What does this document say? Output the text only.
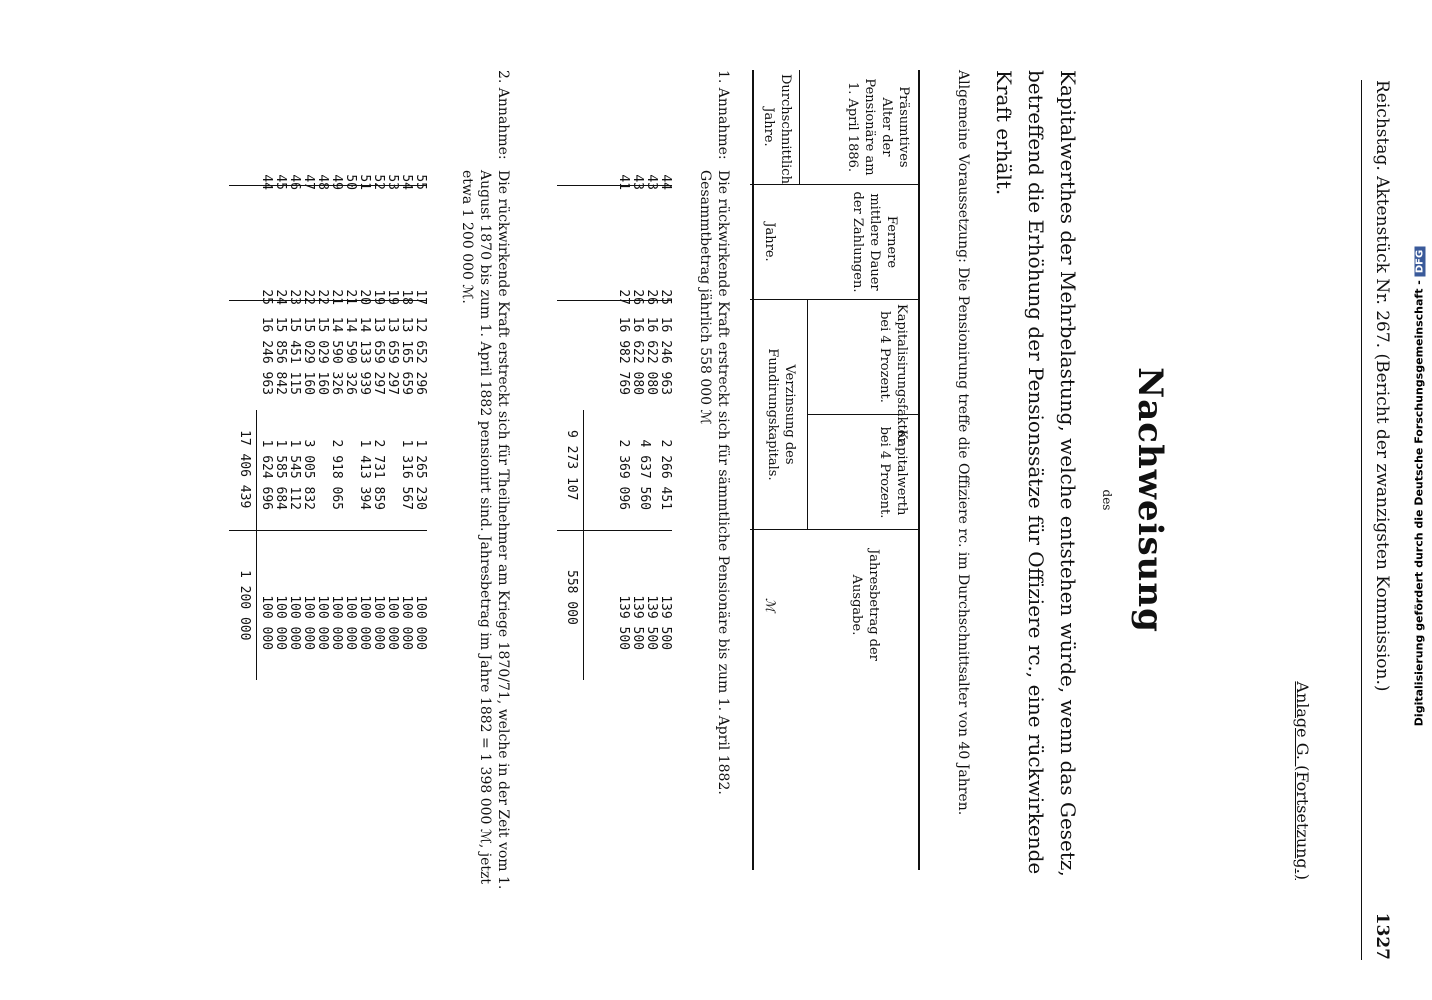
Reichstag. Aktenstück Nr. 267. (Bericht der zwanzigsten Kommission.)
1327
Anlage G. (Fortsetzung.)
Nachweisung
des
Kapitalwerthes der Mehrbelastung, welche entstehen würde, wenn das Gesetz, betreffend die Erhöhung der Pensionssätze für Offiziere rc., eine rückwirkende Kraft erhält.
Allgemeine Voraussetzung: Die Pensionirung treffe die Offiziere rc. im Durchschnittsalter von 40 Jahren.
Präsumtives Alter der Pensionäre am 1. April 1886.
Durchschnittlich Jahre.
Fernere mittlere Dauer der Zahlungen.
Jahre.
Kapitalisirungsfaktor bei 4 Prozent.
Kapitalwerth bei 4 Prozent.
Verzinsung des Fundirungskapitals.
Jahresbetrag der Ausgabe.
ℳ
1. Annahme:
Die rückwirkende Kraft erstreckt sich für sämmtliche Pensionäre bis zum 1. April 1882. Gesammtbetrag jährlich 558 000 ℳ
44
43
43
41
25
26
26
27
16 246 963
16 622 080
16 622 080
16 982 769
2 266 451
4 637 560
2 369 096
9 273 107
139 500
139 500
139 500
139 500
558 000
2. Annahme:
Die rückwirkende Kraft erstreckt sich für Theilnehmer am Kriege 1870/71, welche in der Zeit vom 1. August 1870 bis zum 1. April 1882 pensionirt sind. Jahresbetrag im Jahre 1882 = 1 398 000 ℳ, jetzt etwa 1 200 000 ℳ.
55
54
53
52
51
50
49
48
47
46
45
44
17
18
19
19
20
21
21
22
22
23
24
25
12 652 296
13 165 659
13 659 297
13 659 297
14 133 939
14 590 326
14 590 326
15 029 160
15 029 160
15 451 115
15 856 842
16 246 963
1 265 230
1 316 567
2 731 859
1 413 394
2 918 065
3 005 832
1 545 112
1 585 684
1 624 696
17 406 439
100 000
100 000
100 000
100 000
100 000
100 000
100 000
100 000
100 000
100 000
100 000
100 000
1 200 000	Digitalisierung gefördert durch die Deutsche Forschungsgemeinschaft -DFG
